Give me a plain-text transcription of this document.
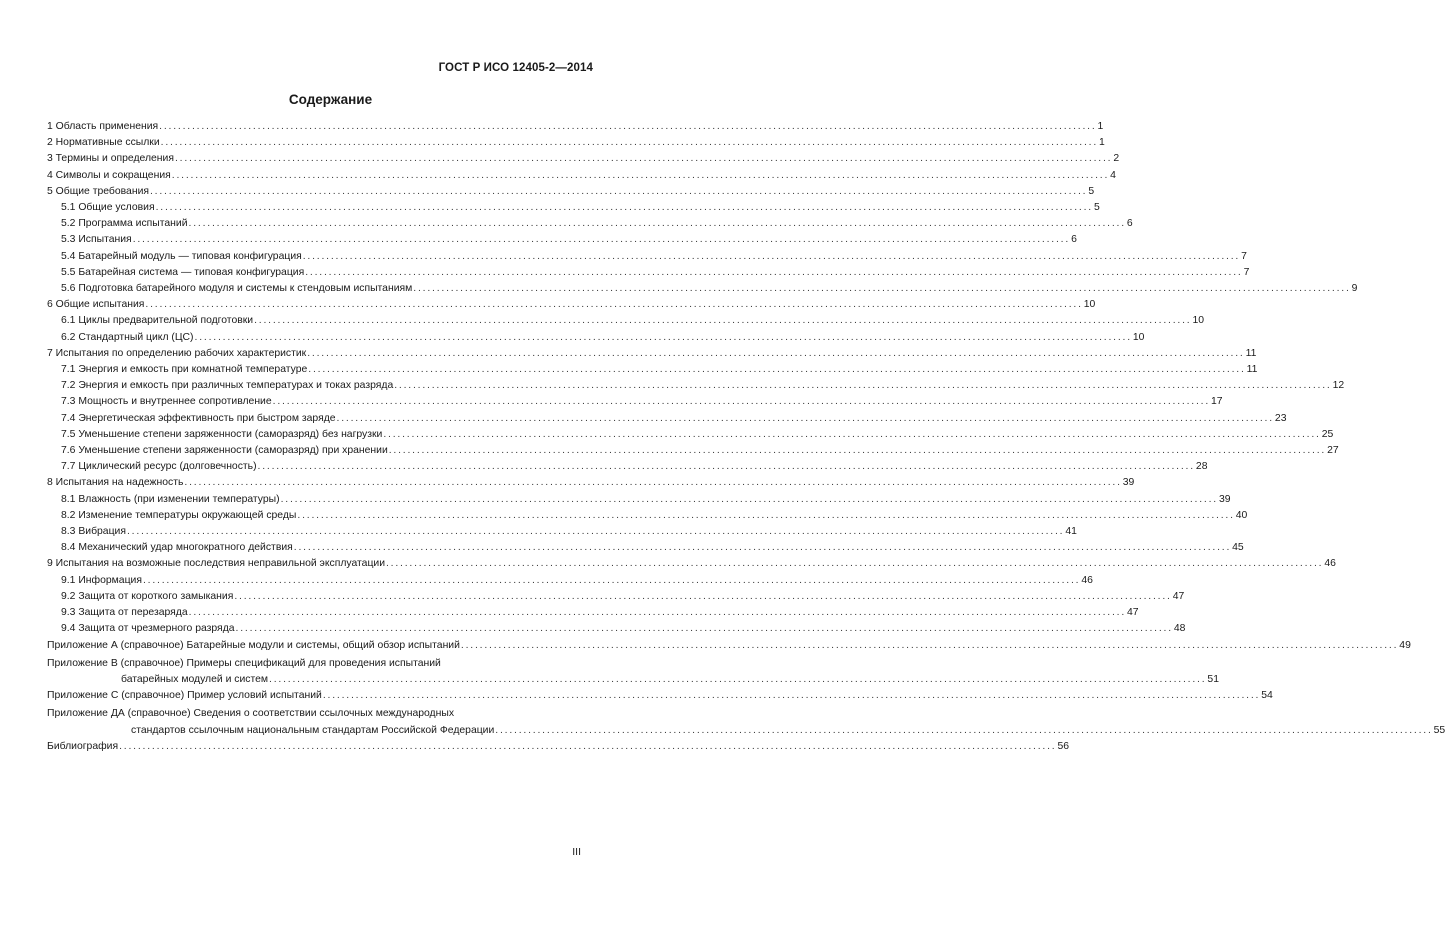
ГОСТ Р ИСО 12405-2—2014
Содержание
1 Область применения ........................................................................................................................................................................................................ 1
2 Нормативные ссылки ........................................................................................................................................................................................................ 1
3 Термины и определения ........................................................................................................................................................................................................ 2
4 Символы и сокращения ........................................................................................................................................................................................................ 4
5 Общие требования ........................................................................................................................................................................................................ 5
5.1 Общие условия ........................................................................................................................................................................................................ 5
5.2 Программа испытаний ........................................................................................................................................................................................................ 6
5.3 Испытания ........................................................................................................................................................................................................ 6
5.4 Батарейный модуль — типовая конфигурация ........................................................................................................................................................................................................ 7
5.5 Батарейная система — типовая конфигурация ........................................................................................................................................................................................................ 7
5.6 Подготовка батарейного модуля и системы к стендовым испытаниям ........................................................................................................................................................................................................ 9
6 Общие испытания ........................................................................................................................................................................................................ 10
6.1 Циклы предварительной подготовки ........................................................................................................................................................................................................ 10
6.2 Стандартный цикл (ЦС) ........................................................................................................................................................................................................ 10
7 Испытания по определению рабочих характеристик ........................................................................................................................................................................................................ 11
7.1 Энергия и емкость при комнатной температуре ........................................................................................................................................................................................................ 11
7.2 Энергия и емкость при различных температурах и токах разряда ........................................................................................................................................................................................................ 12
7.3 Мощность и внутреннее сопротивление ........................................................................................................................................................................................................ 17
7.4 Энергетическая эффективность при быстром заряде ........................................................................................................................................................................................................ 23
7.5 Уменьшение степени заряженности (саморазряд) без нагрузки ........................................................................................................................................................................................................ 25
7.6 Уменьшение степени заряженности (саморазряд) при хранении ........................................................................................................................................................................................................ 27
7.7 Циклический ресурс (долговечность) ........................................................................................................................................................................................................ 28
8 Испытания на надежность ........................................................................................................................................................................................................ 39
8.1 Влажность (при изменении температуры) ........................................................................................................................................................................................................ 39
8.2 Изменение температуры окружающей среды ........................................................................................................................................................................................................ 40
8.3 Вибрация ........................................................................................................................................................................................................ 41
8.4 Механический удар многократного действия ........................................................................................................................................................................................................ 45
9 Испытания на возможные последствия неправильной эксплуатации ........................................................................................................................................................................................................ 46
9.1 Информация ........................................................................................................................................................................................................ 46
9.2 Защита от короткого замыкания ........................................................................................................................................................................................................ 47
9.3 Защита от перезаряда ........................................................................................................................................................................................................ 47
9.4 Защита от чрезмерного разряда ........................................................................................................................................................................................................ 48
Приложение А (справочное) Батарейные модули и системы, общий обзор испытаний ........................................................................................................................................................................................................ 49
Приложение В (справочное) Примеры спецификаций для проведения испытаний
батарейных модулей и систем ........................................................................................................................................................................................................ 51
Приложение С (справочное) Пример условий испытаний ........................................................................................................................................................................................................ 54
Приложение ДА (справочное) Сведения о соответствии ссылочных международных
стандартов ссылочным национальным стандартам Российской Федерации ........................................................................................................................................................................................................ 55
Библиография ........................................................................................................................................................................................................ 56
III
